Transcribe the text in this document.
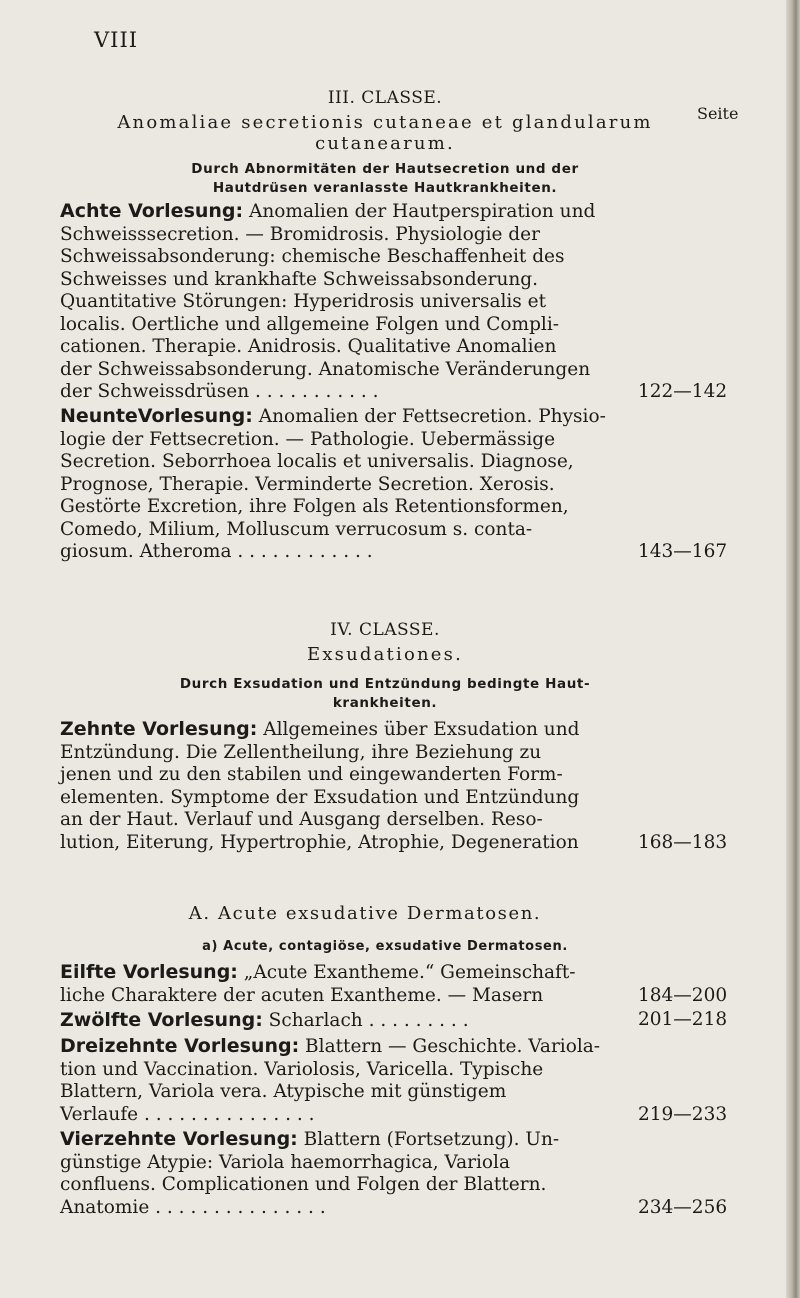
VIII
III. CLASSE.
Anomaliae secretionis cutaneae et glandularum
cutanearum.
Durch Abnormitäten der Hautsecretion und der
Hautdrüsen veranlasste Hautkrankheiten.
Seite
Achte Vorlesung: Anomalien der Hautperspiration und
Schweisssecretion. — Bromidrosis. Physiologie der
Schweissabsonderung: chemische Beschaffenheit des
Schweisses und krankhafte Schweissabsonderung.
Quantitative Störungen: Hyperidrosis universalis et
localis. Oertliche und allgemeine Folgen und Compli-
cationen. Therapie. Anidrosis. Qualitative Anomalien
der Schweissabsonderung. Anatomische Veränderungen
der Schweissdrüsen . . . . . . . . . . .	122—142
NeunteVorlesung: Anomalien der Fettsecretion. Physio-
logie der Fettsecretion. — Pathologie. Uebermässige
Secretion. Seborrhoea localis et universalis. Diagnose,
Prognose, Therapie. Verminderte Secretion. Xerosis.
Gestörte Excretion, ihre Folgen als Retentionsformen,
Comedo, Milium, Molluscum verrucosum s. conta-
giosum. Atheroma . . . . . . . . . . . .	143—167
IV. CLASSE.
Exsudationes.
Durch Exsudation und Entzündung bedingte Haut-
krankheiten.
Zehnte Vorlesung: Allgemeines über Exsudation und
Entzündung. Die Zellentheilung, ihre Beziehung zu
jenen und zu den stabilen und eingewanderten Form-
elementen. Symptome der Exsudation und Entzündung
an der Haut. Verlauf und Ausgang derselben. Reso-
lution, Eiterung, Hypertrophie, Atrophie, Degeneration	168—183
A. Acute exsudative Dermatosen.
a) Acute, contagiöse, exsudative Dermatosen.
Eilfte Vorlesung: „Acute Exantheme.“ Gemeinschaft-
liche Charaktere der acuten Exantheme. — Masern	184—200
Zwölfte Vorlesung: Scharlach . . . . . . . . .	201—218
Dreizehnte Vorlesung: Blattern — Geschichte. Variola-
tion und Vaccination. Variolosis, Varicella. Typische
Blattern, Variola vera. Atypische mit günstigem
Verlaufe . . . . . . . . . . . . . . .	219—233
Vierzehnte Vorlesung: Blattern (Fortsetzung). Un-
günstige Atypie: Variola haemorrhagica, Variola
confluens. Complicationen und Folgen der Blattern.
Anatomie . . . . . . . . . . . . . . .	234—256
